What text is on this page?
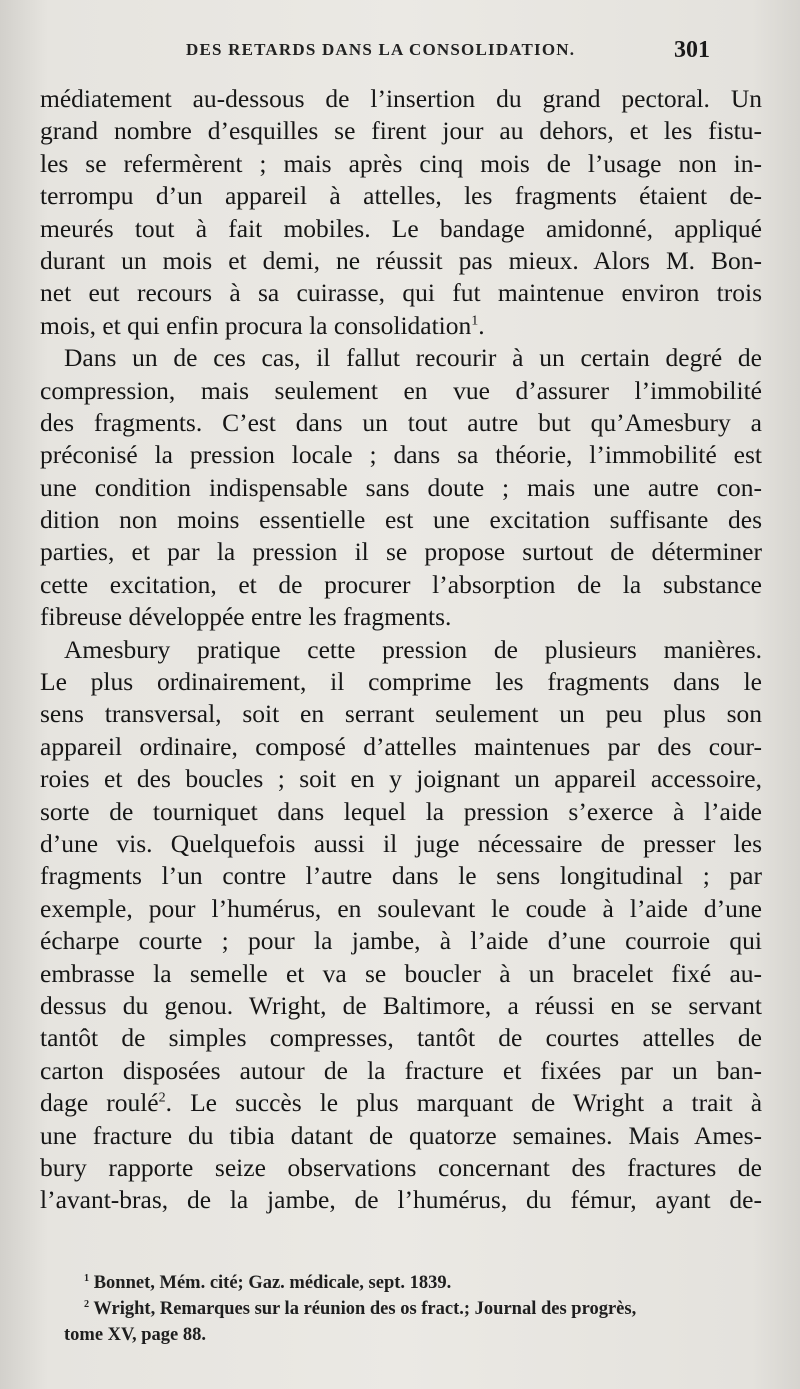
DES RETARDS DANS LA CONSOLIDATION.	301
médiatement au-dessous de l’insertion du grand pectoral. Un
grand nombre d’esquilles se firent jour au dehors, et les fistu-
les se refermèrent ; mais après cinq mois de l’usage non in-
terrompu d’un appareil à attelles, les fragments étaient de-
meurés tout à fait mobiles. Le bandage amidonné, appliqué
durant un mois et demi, ne réussit pas mieux. Alors M. Bon-
net eut recours à sa cuirasse, qui fut maintenue environ trois
mois, et qui enfin procura la consolidation$^1$.
Dans un de ces cas, il fallut recourir à un certain degré de
compression, mais seulement en vue d’assurer l’immobilité
des fragments. C’est dans un tout autre but qu’Amesbury a
préconisé la pression locale ; dans sa théorie, l’immobilité est
une condition indispensable sans doute ; mais une autre con-
dition non moins essentielle est une excitation suffisante des
parties, et par la pression il se propose surtout de déterminer
cette excitation, et de procurer l’absorption de la substance
fibreuse développée entre les fragments.
Amesbury pratique cette pression de plusieurs manières.
Le plus ordinairement, il comprime les fragments dans le
sens transversal, soit en serrant seulement un peu plus son
appareil ordinaire, composé d’attelles maintenues par des cour-
roies et des boucles ; soit en y joignant un appareil accessoire,
sorte de tourniquet dans lequel la pression s’exerce à l’aide
d’une vis. Quelquefois aussi il juge nécessaire de presser les
fragments l’un contre l’autre dans le sens longitudinal ; par
exemple, pour l’humérus, en soulevant le coude à l’aide d’une
écharpe courte ; pour la jambe, à l’aide d’une courroie qui
embrasse la semelle et va se boucler à un bracelet fixé au-
dessus du genou. Wright, de Baltimore, a réussi en se servant
tantôt de simples compresses, tantôt de courtes attelles de
carton disposées autour de la fracture et fixées par un ban-
dage roulé$^2$. Le succès le plus marquant de Wright a trait à
une fracture du tibia datant de quatorze semaines. Mais Ames-
bury rapporte seize observations concernant des fractures de
l’avant-bras, de la jambe, de l’humérus, du fémur, ayant de-
$^1$ Bonnet, Mém. cité; Gaz. médicale, sept. 1839.
$^2$ Wright, Remarques sur la réunion des os fract.; Journal des progrès,
tome XV, page 88.
